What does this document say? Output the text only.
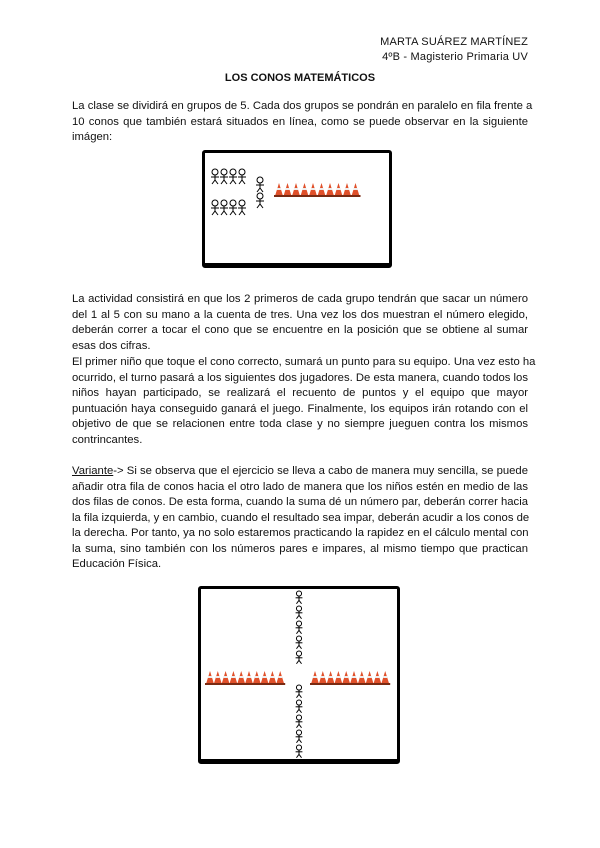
MARTA SUÁREZ MARTÍNEZ
4ºB - Magisterio Primaria UV
LOS CONOS MATEMÁTICOS
La clase se dividirá en grupos de 5. Cada dos grupos se pondrán en paralelo en fila frente a
10 conos que también estará situados en línea, como se puede observar en la siguiente
imágen:
La actividad consistirá en que los 2 primeros de cada grupo tendrán que sacar un número
del 1 al 5 con su mano a la cuenta de tres. Una vez los dos muestran el número elegido,
deberán correr a tocar el cono que se encuentre en la posición que se obtiene al sumar
esas dos cifras.
El primer niño que toque el cono correcto, sumará un punto para su equipo. Una vez esto ha
ocurrido, el turno pasará a los siguientes dos jugadores. De esta manera, cuando todos los
niños hayan participado, se realizará el recuento de puntos y el equipo que mayor
puntuación haya conseguido ganará el juego. Finalmente, los equipos irán rotando con el
objetivo de que se relacionen entre toda clase y no siempre jueguen contra los mismos
contrincantes.
Variante-> Si se observa que el ejercicio se lleva a cabo de manera muy sencilla, se puede
añadir otra fila de conos hacia el otro lado de manera que los niños estén en medio de las
dos filas de conos. De esta forma, cuando la suma dé un número par, deberán correr hacia
la fila izquierda, y en cambio, cuando el resultado sea impar, deberán acudir a los conos de
la derecha. Por tanto, ya no solo estaremos practicando la rapidez en el cálculo mental con
la suma, sino también con los números pares e impares, al mismo tiempo que practican
Educación Física.
